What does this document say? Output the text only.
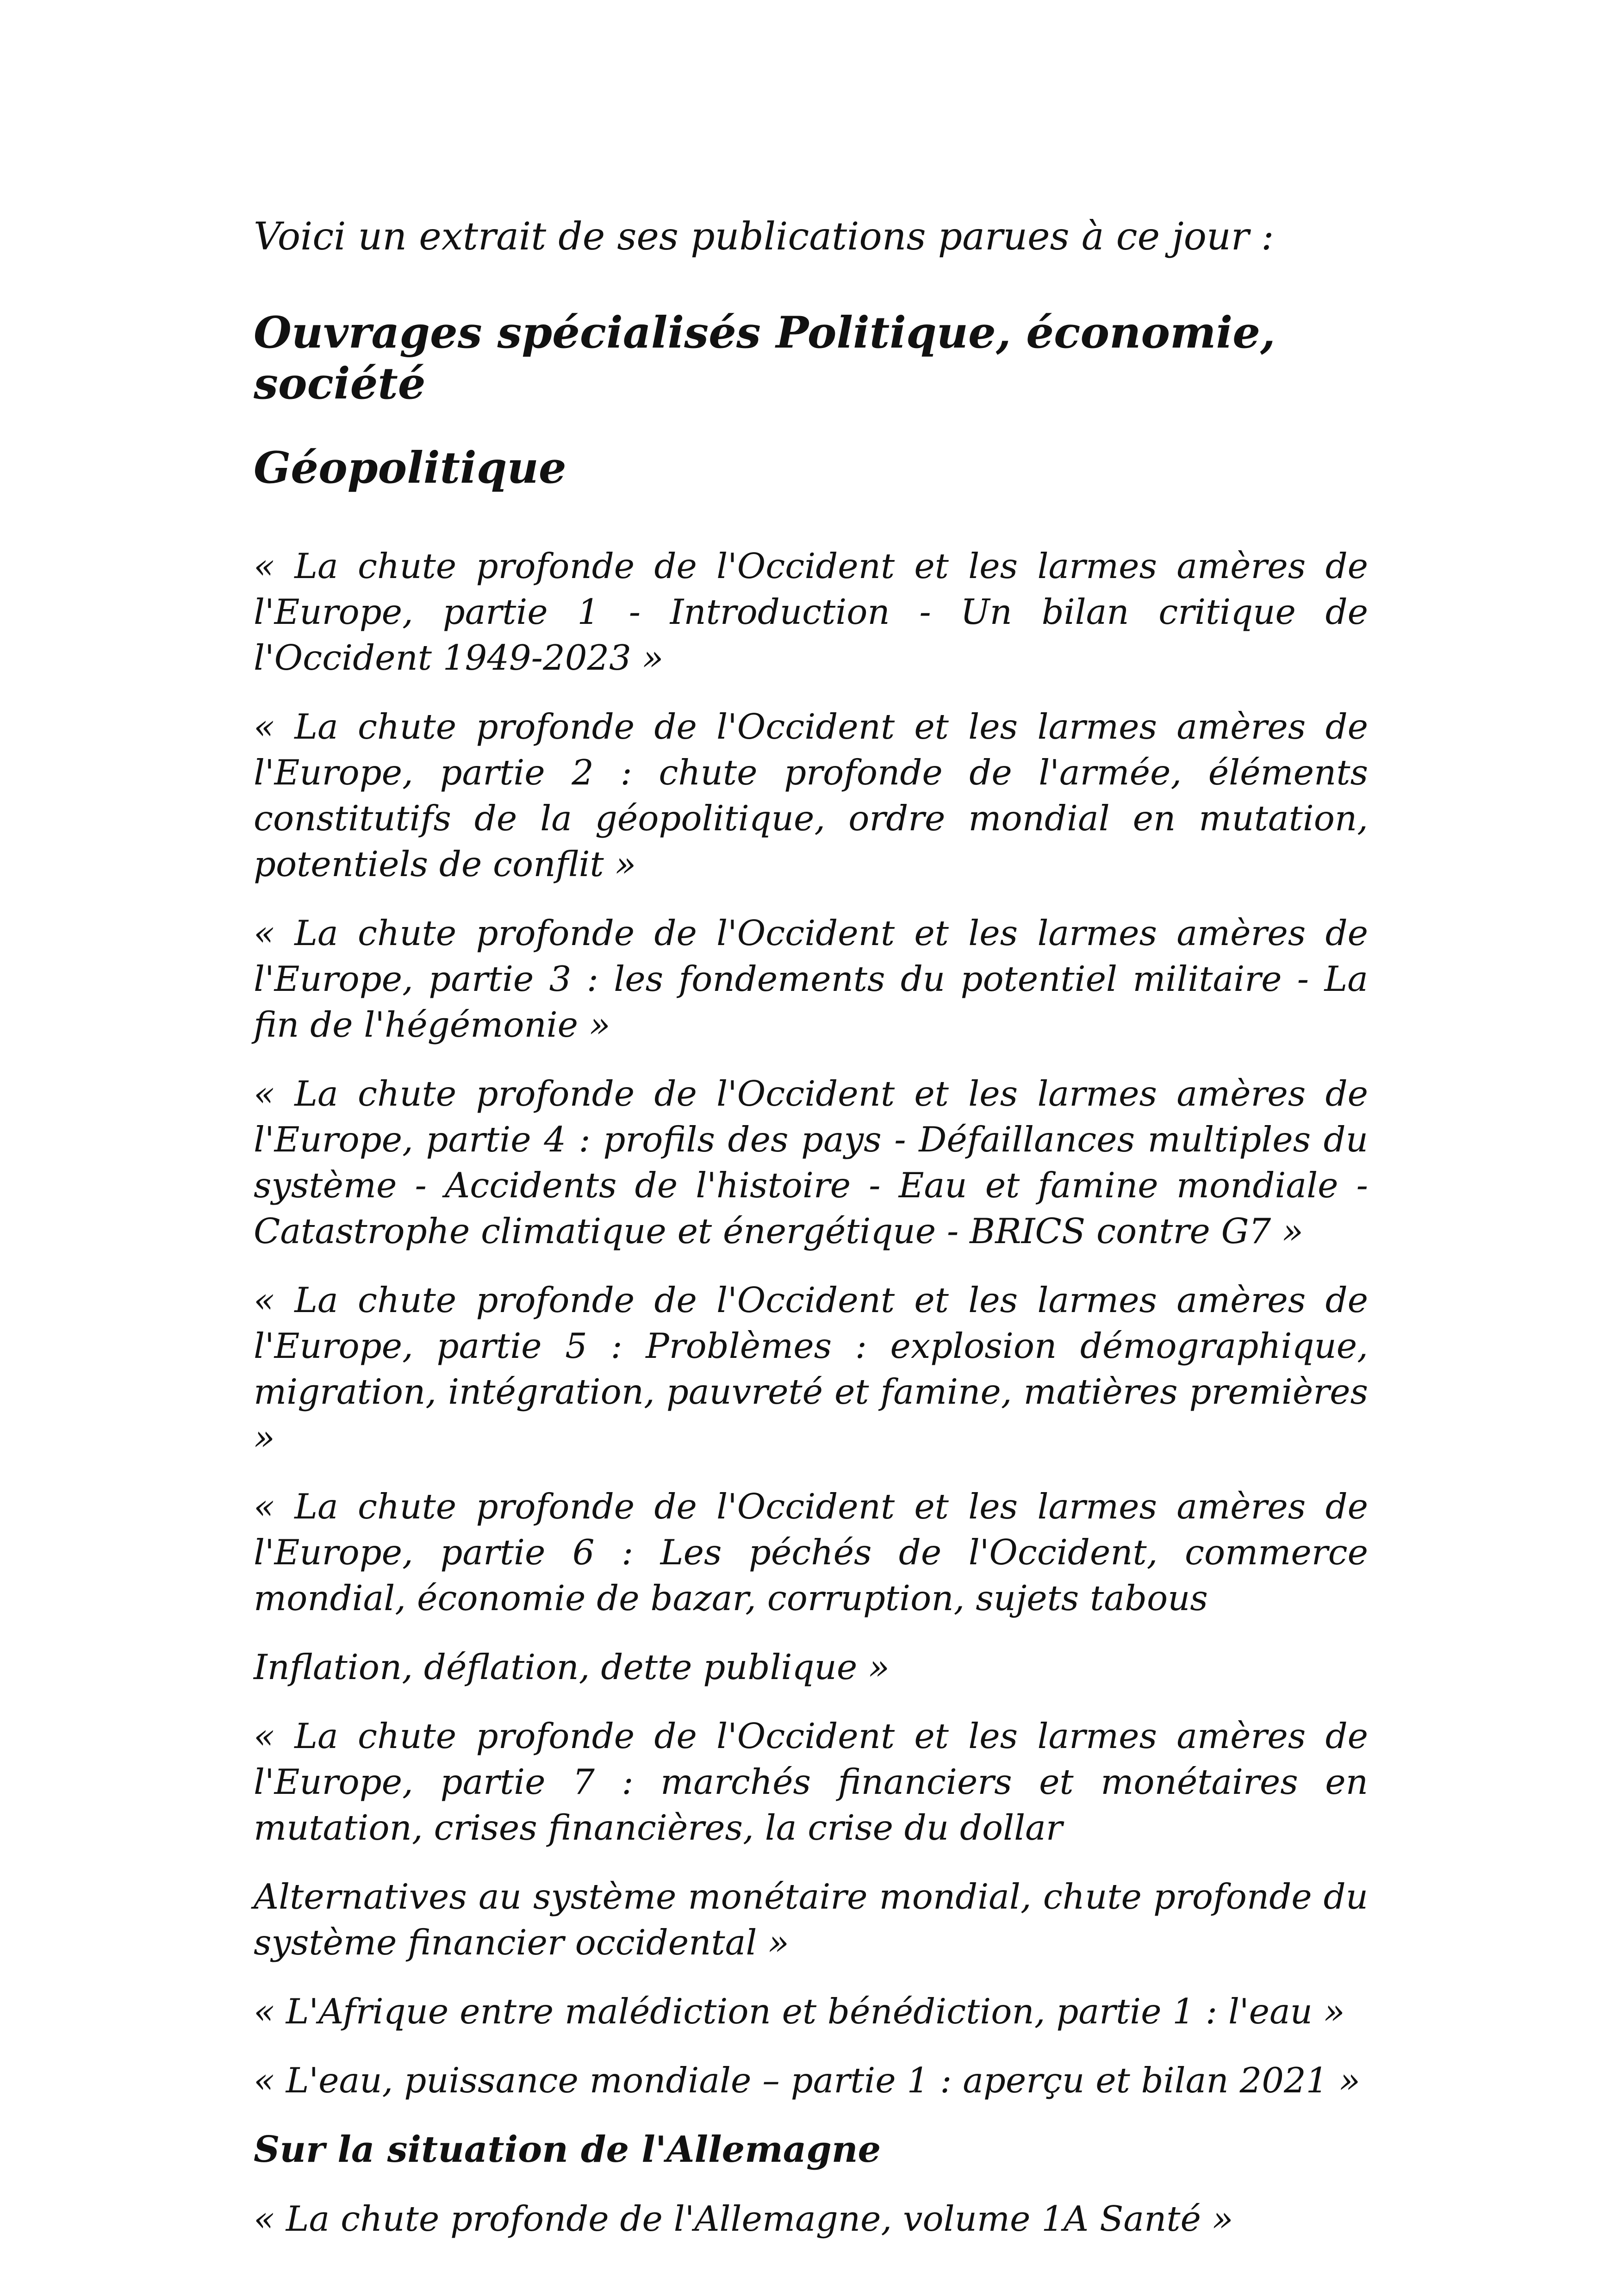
Voici un extrait de ses publications parues à ce jour :

Ouvrages spécialisés Politique, économie, société

Géopolitique

« La chute profonde de l'Occident et les larmes amères de l'Europe, partie 1 - Introduction - Un bilan critique de l'Occident 1949-2023 »

« La chute profonde de l'Occident et les larmes amères de l'Europe, partie 2 : chute profonde de l'armée, éléments constitutifs de la géopolitique, ordre mondial en mutation, potentiels de conflit »

« La chute profonde de l'Occident et les larmes amères de l'Europe, partie 3 : les fondements du potentiel militaire - La fin de l'hégémonie »

« La chute profonde de l'Occident et les larmes amères de l'Europe, partie 4 : profils des pays - Défaillances multiples du système - Accidents de l'histoire - Eau et famine mondiale - Catastrophe climatique et énergétique - BRICS contre G7 »

« La chute profonde de l'Occident et les larmes amères de l'Europe, partie 5 : Problèmes : explosion démographique, migration, intégration, pauvreté et famine, matières premières »

« La chute profonde de l'Occident et les larmes amères de l'Europe, partie 6 : Les péchés de l'Occident, commerce mondial, économie de bazar, corruption, sujets tabous

Inflation, déflation, dette publique »

« La chute profonde de l'Occident et les larmes amères de l'Europe, partie 7 : marchés financiers et monétaires en mutation, crises financières, la crise du dollar

Alternatives au système monétaire mondial, chute profonde du système financier occidental »

« L'Afrique entre malédiction et bénédiction, partie 1 : l'eau »

« L'eau, puissance mondiale – partie 1 : aperçu et bilan 2021 »

Sur la situation de l'Allemagne

« La chute profonde de l'Allemagne, volume 1A Santé »
